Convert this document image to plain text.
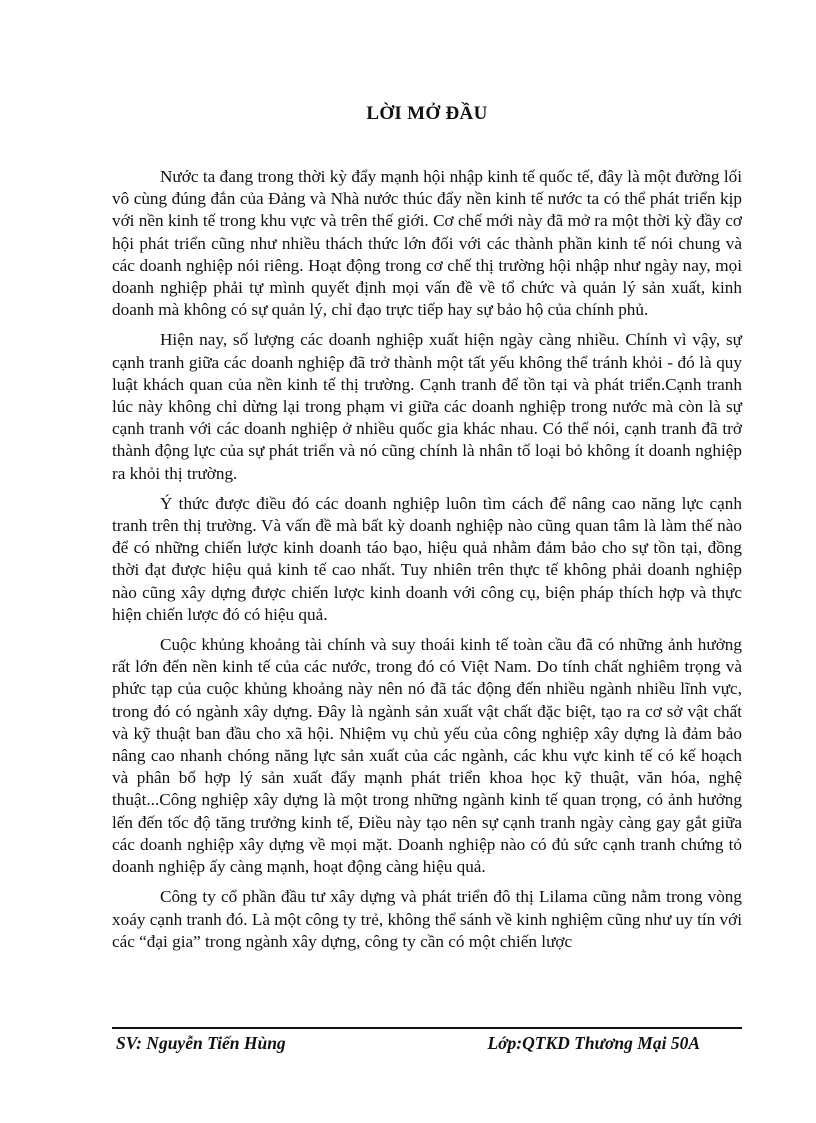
LỜI MỞ ĐẦU

Nước ta đang trong thời kỳ đẩy mạnh hội nhập kinh tế quốc tế, đây là một đường lối vô cùng đúng đắn của Đảng và Nhà nước thúc đẩy nền kinh tế nước ta có thể phát triển kịp với nền kinh tế trong khu vực và trên thế giới. Cơ chế mới này đã mở ra một thời kỳ đầy cơ hội phát triển cũng như nhiều thách thức lớn đối với các thành phần kinh tế nói chung và các doanh nghiệp nói riêng. Hoạt động trong cơ chế thị trường hội nhập như ngày nay, mọi doanh nghiệp phải tự mình quyết định mọi vấn đề về tổ chức và quản lý sản xuất, kinh doanh mà không có sự quản lý, chỉ đạo trực tiếp hay sự bảo hộ của chính phủ.

Hiện nay, số lượng các doanh nghiệp xuất hiện ngày càng nhiều. Chính vì vậy, sự cạnh tranh giữa các doanh nghiệp đã trở thành một tất yếu không thể tránh khỏi - đó là quy luật khách quan của nền kinh tế thị trường. Cạnh tranh để tồn tại và phát triển.Cạnh tranh lúc này không chỉ dừng lại trong phạm vi giữa các doanh nghiệp trong nước mà còn là sự cạnh tranh với các doanh nghiệp ở nhiều quốc gia khác nhau. Có thể nói, cạnh tranh đã trở thành động lực của sự phát triển và nó cũng chính là nhân tố loại bỏ không ít doanh nghiệp ra khỏi thị trường.

Ý thức được điều đó các doanh nghiệp luôn tìm cách để nâng cao năng lực cạnh tranh trên thị trường. Và vấn đề mà bất kỳ doanh nghiệp nào cũng quan tâm là làm thế nào để có những chiến lược kinh doanh táo bạo, hiệu quả nhằm đảm bảo cho sự tồn tại, đồng thời đạt được hiệu quả kinh tế cao nhất. Tuy nhiên trên thực tế không phải doanh nghiệp nào cũng xây dựng được chiến lược kinh doanh với công cụ, biện pháp thích hợp và thực hiện chiến lược đó có hiệu quả.

Cuộc khủng khoảng tài chính và suy thoái kinh tế toàn cầu đã có những ảnh hưởng rất lớn đến nền kinh tế của các nước, trong đó có Việt Nam. Do tính chất nghiêm trọng và phức tạp của cuộc khủng khoảng này nên nó đã tác động đến nhiều ngành nhiều lĩnh vực, trong đó có ngành xây dựng. Đây là ngành sản xuất vật chất đặc biệt, tạo ra cơ sở vật chất và kỹ thuật ban đầu cho xã hội. Nhiệm vụ chủ yếu của công nghiệp xây dựng là đảm bảo nâng cao nhanh chóng năng lực sản xuất của các ngành, các khu vực kinh tế có kế hoạch và phân bổ hợp lý sản xuất đẩy mạnh phát triển khoa học kỹ thuật, văn hóa, nghệ thuật...Công nghiệp xây dựng là một trong những ngành kinh tế quan trọng, có ảnh hưởng lến đến tốc độ tăng trưởng kinh tế, Điều này tạo nên sự cạnh tranh ngày càng gay gắt giữa các doanh nghiệp xây dựng về mọi mặt. Doanh nghiệp nào có đủ sức cạnh tranh chứng tỏ doanh nghiệp ấy càng mạnh, hoạt động càng hiệu quả.

Công ty cổ phần đầu tư xây dựng và phát triển đô thị Lilama cũng nằm trong vòng xoáy cạnh tranh đó. Là một công ty trẻ, không thể sánh về kinh nghiệm cũng như uy tín với các “đại gia” trong ngành xây dựng, công ty cần có một chiến lược

SV: Nguyễn Tiến Hùng	Lớp:QTKD Thương Mại 50A
